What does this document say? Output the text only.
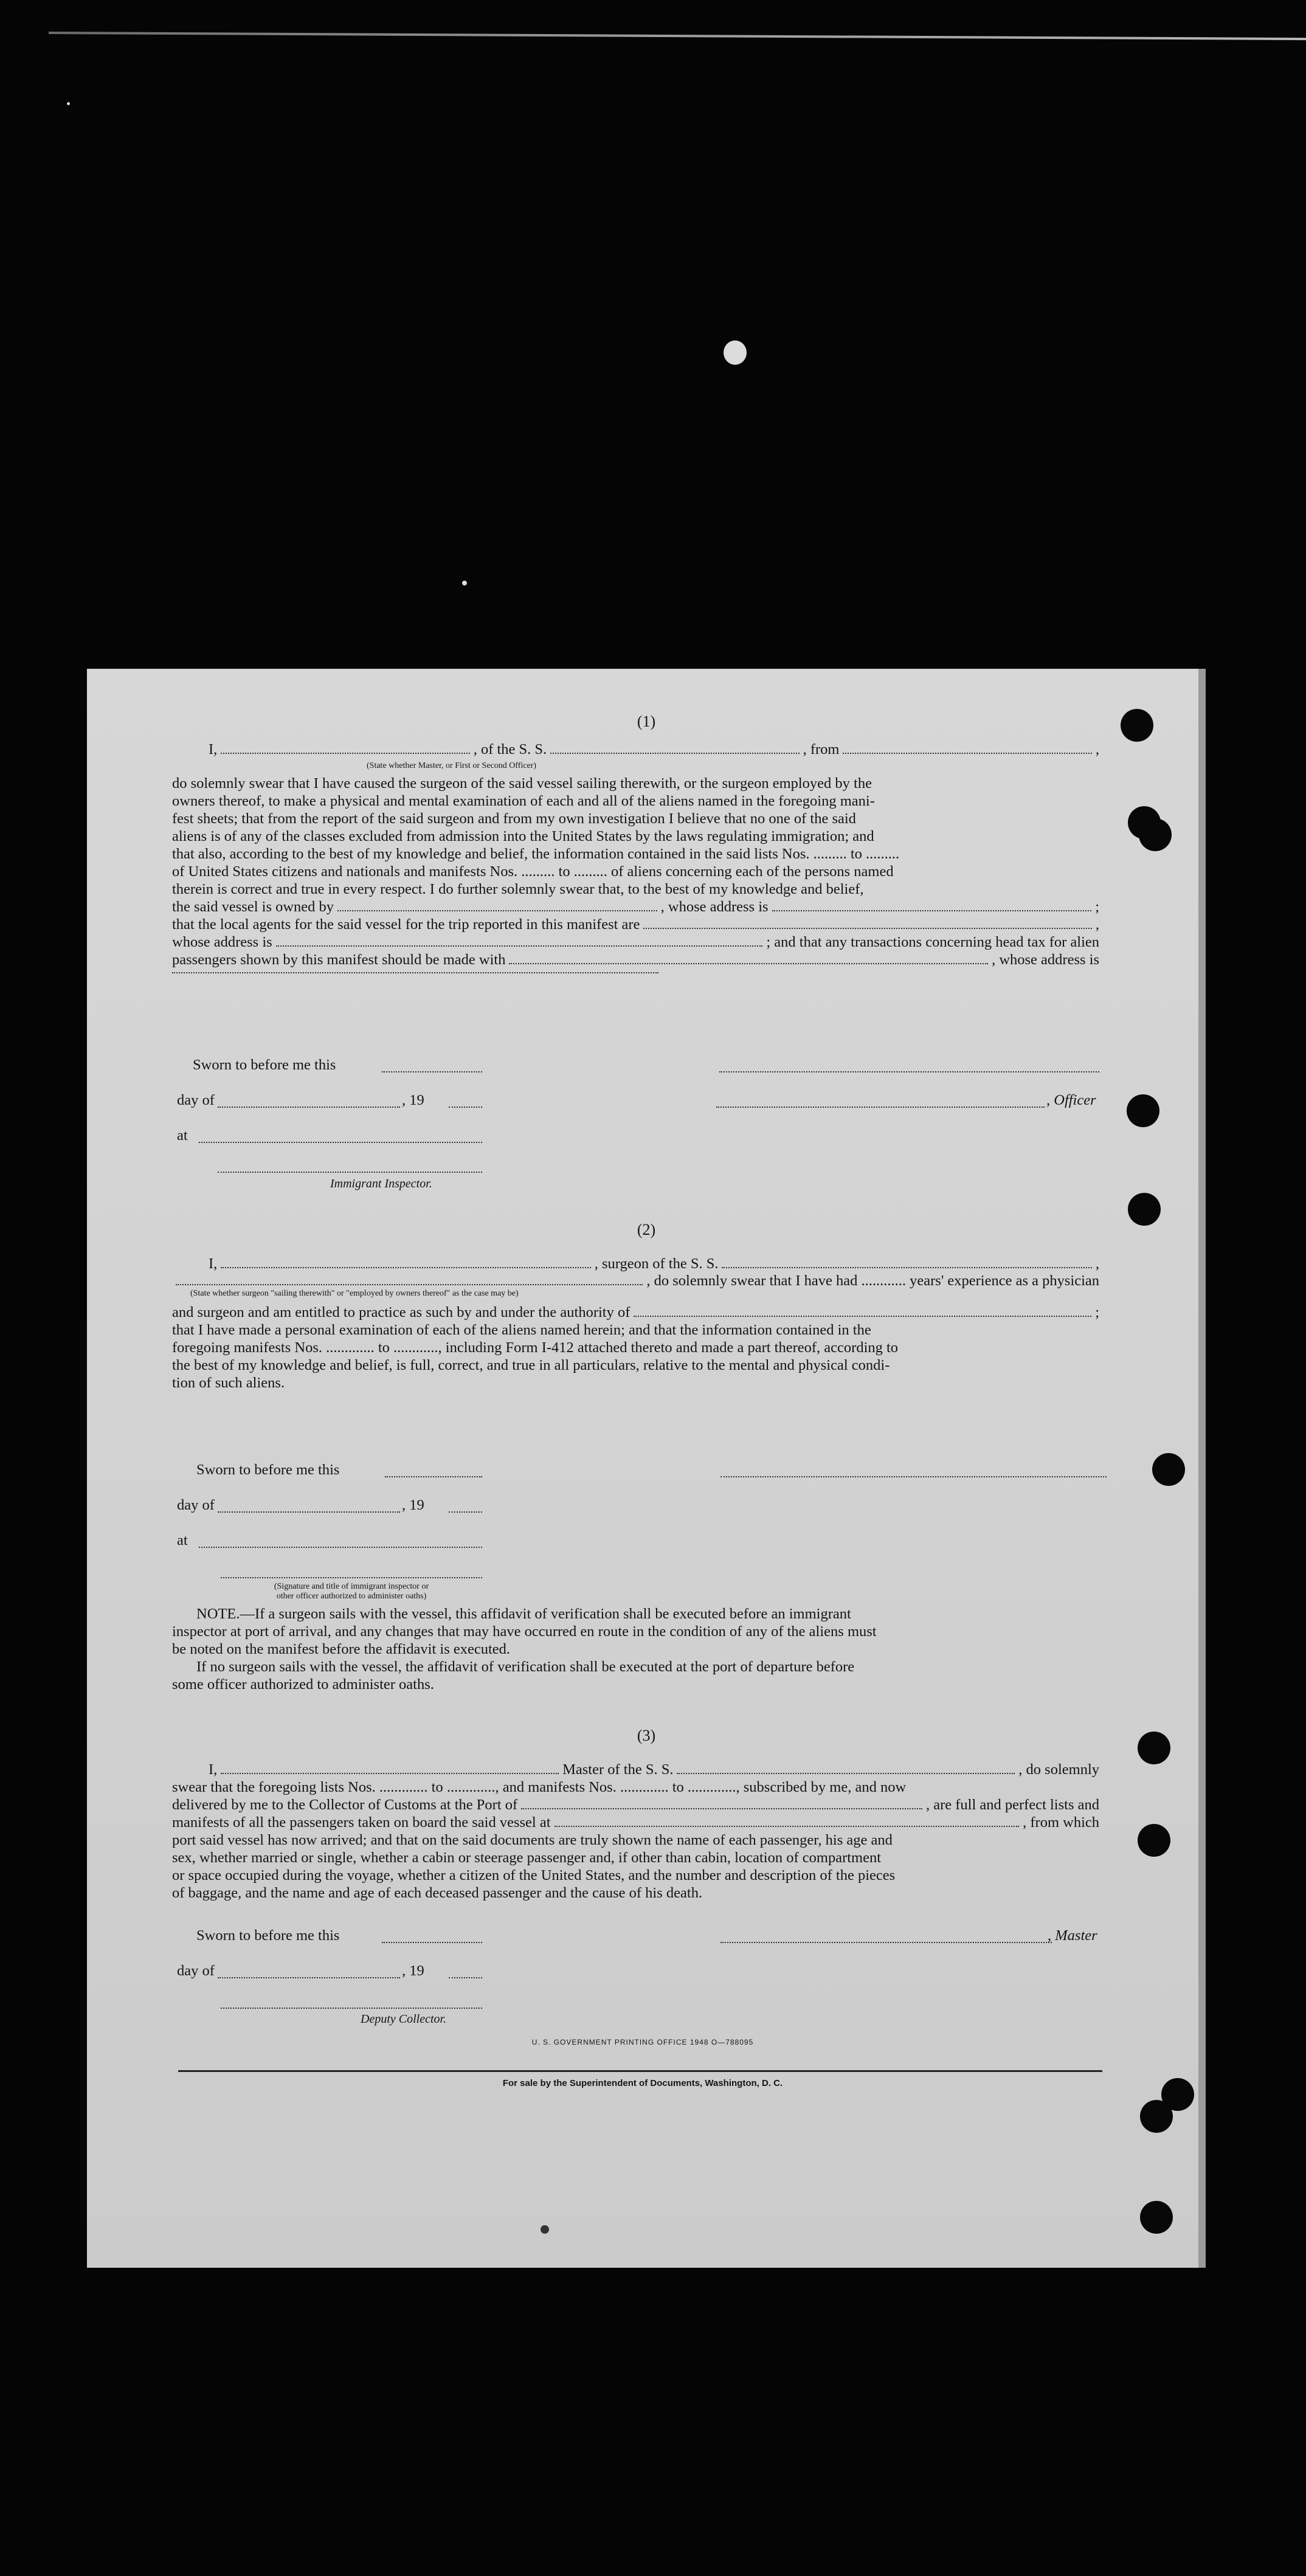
(1)
I,	, of the S. S.	, from	,
(State whether Master, or First or Second Officer)
do solemnly swear that I have caused the surgeon of the said vessel sailing therewith, or the surgeon employed by the
owners thereof, to make a physical and mental examination of each and all of the aliens named in the foregoing mani-
fest sheets; that from the report of the said surgeon and from my own investigation I believe that no one of the said
aliens is of any of the classes excluded from admission into the United States by the laws regulating immigration; and
that also, according to the best of my knowledge and belief, the information contained in the said lists Nos. ......... to .........
of United States citizens and nationals and manifests Nos. ......... to ......... of aliens concerning each of the persons named
therein is correct and true in every respect. I do further solemnly swear that, to the best of my knowledge and belief,
the said vessel is owned by	, whose address is	;
that the local agents for the said vessel for the trip reported in this manifest are	,
whose address is	; and that any transactions concerning head tax for alien
passengers shown by this manifest should be made with	, whose address is
Sworn to before me this
day of	, 19	, Officer
at
Immigrant Inspector.
(2)
I,	, surgeon of the S. S.	,
, do solemnly swear that I have had ............ years' experience as a physician
(State whether surgeon "sailing therewith" or "employed by owners thereof" as the case may be)
and surgeon and am entitled to practice as such by and under the authority of	;
that I have made a personal examination of each of the aliens named herein; and that the information contained in the
foregoing manifests Nos. ............. to ............, including Form I-412 attached thereto and made a part thereof, according to
the best of my knowledge and belief, is full, correct, and true in all particulars, relative to the mental and physical condi-
tion of such aliens.
Sworn to before me this
day of	, 19
at
(Signature and title of immigrant inspector or
other officer authorized to administer oaths)
NOTE.—If a surgeon sails with the vessel, this affidavit of verification shall be executed before an immigrant
inspector at port of arrival, and any changes that may have occurred en route in the condition of any of the aliens must
be noted on the manifest before the affidavit is executed.
If no surgeon sails with the vessel, the affidavit of verification shall be executed at the port of departure before
some officer authorized to administer oaths.
(3)
I,	Master of the S. S.	, do solemnly
swear that the foregoing lists Nos. ............. to ............., and manifests Nos. ............. to ............., subscribed by me, and now
delivered by me to the Collector of Customs at the Port of	, are full and perfect lists and
manifests of all the passengers taken on board the said vessel at	, from which
port said vessel has now arrived; and that on the said documents are truly shown the name of each passenger, his age and
sex, whether married or single, whether a cabin or steerage passenger and, if other than cabin, location of compartment
or space occupied during the voyage, whether a citizen of the United States, and the number and description of the pieces
of baggage, and the name and age of each deceased passenger and the cause of his death.
Sworn to before me this	, Master
day of	, 19
Deputy Collector.
U. S. GOVERNMENT PRINTING OFFICE 1948 O—788095
For sale by the Superintendent of Documents, Washington, D. C.
